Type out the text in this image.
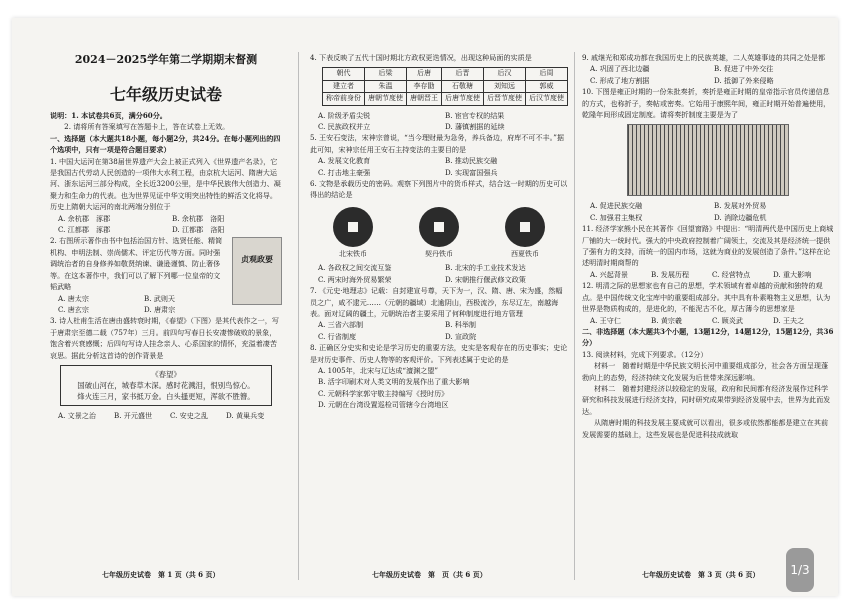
2024－2025学年第二学期期末督测

七年级历史试卷

说明：1. 本试卷共6页，满分60分。

　　2. 请将所有答案填写在答题卡上，答在试卷上无效。

一、选择题（本大题共18小题，每小题2分，共24分。在每小题列出的四个选项中，只有一项是符合题目要求）

1. 中国大运河在第38届世界遗产大会上被正式列入《世界遗产名录》，它是我国古代劳动人民创造的一项伟大水利工程，由京杭大运河、隋唐大运河、浙东运河三部分构成，全长近3200公里，是中华民族伟大创造力、凝聚力和生命力的代表。也为世界见证中华文明突出特性的鲜活文化将导。历史上隋朝大运河的南北两端分别位于

A. 余杭郡　涿郡	B. 余杭郡　洛阳
C. 江都郡　涿郡	D. 江都郡　洛阳
贞观政要

2. 右图所示著作由书中包括治国方针、选贤任能、精简机构、申明法制、崇尚儒术、评定历代等方面。同时强调统治者的自身修养如敬贤纳谏、谦逊谨慎、防止奢侈等。在这本著作中，我们可以了解下列哪一位皇帝的文韬武略

A. 唐太宗	B. 武则天
C. 唐玄宗	D. 唐肃宗

3. 诗人杜甫生活在唐由盛转衰时期，《春望》（下图）是其代表作之一，写于唐肃宗至德二载（757年）三月。前四句写春日长安凄惨破败的景象，饱含着兴衰感慨；后四句写诗人挂念亲人、心系国家的情怀，充溢着凄苦哀思。据此分析这首诗的创作背景是

《春望》
国破山河在，城春草木深。感时花溅泪，恨别鸟惊心。
烽火连三月，家书抵万金。白头搔更短，浑欲不胜簪。
A. 文景之治	B. 开元盛世	C. 安史之乱	D. 黄巢兵变
七年级历史试卷　第 1 页（共 6 页）

4. 下表反映了五代十国时期北方政权更迭情况，出现这种局面的实质是

朝代	后梁	后唐	后晋	后汉	后周
建立者	朱温	李存勖	石敬瑭	刘知远	郭威
称帝前身份	唐朝节度使	唐朝晋王	后唐节度使	后晋节度使	后汉节度使
A. 阶级矛盾尖锐	B. 宦官专权的结果
C. 民族政权并立	D. 藩镇割据的延续

5. 王安石变法，宋神宗曾说，“当今理财最为急务，养兵备边，府库不可不丰。”据此可知，宋神宗任用王安石主持变法的主要目的是

A. 发展文化教育	B. 推动民族交融
C. 打击地主豪强	D. 实现富国强兵

6. 文物是承载历史的密码。观察下列图片中的货币样式，结合这一时期的历史可以得出的结论是

北宋铁币	契丹铁币	西夏铁币
A. 各政权之间交流互鉴	B. 北宋的手工业技术发达
C. 两宋时海外贸易繁荣	D. 宋朝推行偃武修文政策

7. 《元史·地理志》记载：自封建宣号尊，天下为一，汉、隋、唐、宋为盛，然幅员之广，咸不逮元……（元朝的疆域）北逾阴山，西极流沙，东尽辽左，南越海表。面对辽阔的疆土，元朝统治者主要采用了何种制度进行地方管理

A. 三省六部制	B. 科举制
C. 行省制度	D. 宣政院

8. 正确区分史实和史论是学习历史的重要方法，史实是客观存在的历史事实；史论是对历史事件、历史人物等的客观评价。下列表述属于史论的是

A. 1005年，北宋与辽达成“澶渊之盟”
B. 活字印刷术对人类文明的发展作出了重大影响
C. 元朝科学家郭守敬主持编写《授时历》
D. 元朝在台湾设置巡检司管辖今台湾地区
七年级历史试卷　第　页（共 6 页）

9. 戚继光和郑成功都在我国历史上的民族英雄，二人英雄事迹的共同之处是都

A. 巩固了西北边疆	B. 促进了中外交往
C. 形成了地方割据	D. 抵御了外来侵略

10. 下图是雍正时期的一份朱批奏折，奏折是雍正时期的皇帝指示官员传递信息的方式，也称折子，奏帖或密奏。它始用于康熙年间，雍正时期开始普遍使用，乾隆年间形成固定制度。请将奏折制度主要是为了

A. 促进民族交融	B. 发展对外贸易
C. 加强君主集权	D. 消除边疆危机

11. 经济学家熊小民在其著作《回望窗路》中提出：“明清两代是中国历史上商城厂铺的大一统时代。强大的中央政府控制着广阔领土，交流及其是经济统一提供了强有力的支持，而统一的国内市场，这就为商业的发展创造了条件。”这样在论述明清时期商帮的

A. 兴起背景	B. 发展历程	C. 经营特点	D. 重大影响

12. 明清之际的思想家也有自己的思想，学术领域有着卓越的贡献和独特的观点。是中国传统文化宝库中的重要组成部分。其中具有朴素唯物主义思想，认为世界是物质构成的，是进化的，不能泥古不化，厚古薄今的思想家是

A. 王守仁	B. 黄宗羲	C. 顾炎武	D. 王夫之

二、非选择题（本大题共3个小题，13题12分，14题12分，15题12分，共36分）

13. 阅读材料，完成下列要求。（12分）

材料一　随着时期是中华民族文明长河中重要组成部分，社会各方面呈现蓬勃向上的态势，经济持续文化发展为后世带来深远影响。

材料二　随着封建经济以较稳定的发展，政府和民间都有经济发展作过科学研究和科技发展进行经济支持，同时研究成果带到经济发展中去，世界为此而发达。

从隋唐时期的科技发展主要成就可以看出，很多或依然都能都是建立在其前发展需要的基础上，这些发展也是促进科技成就取

七年级历史试卷　第 3 页（共 6 页）	1/3
